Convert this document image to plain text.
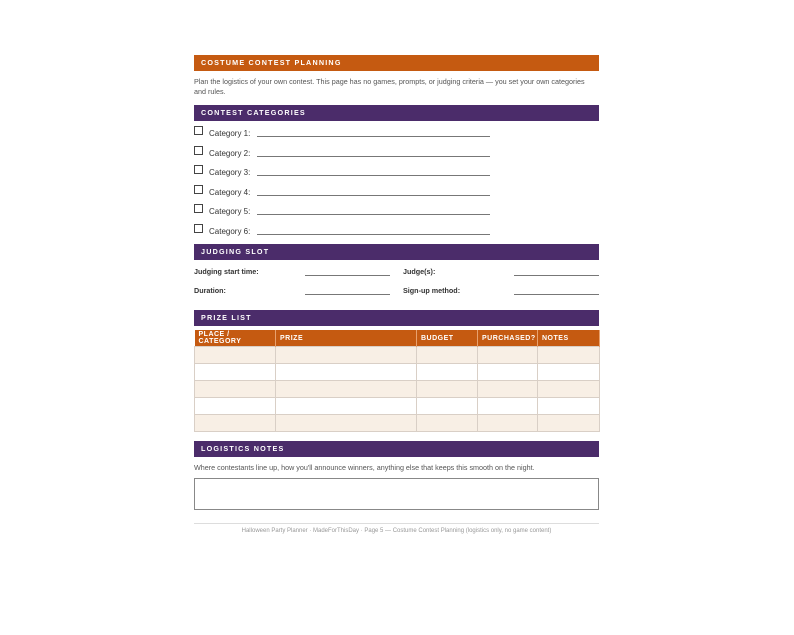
COSTUME CONTEST PLANNING
Plan the logistics of your own contest. This page has no games, prompts, or judging criteria — you set your own categories and rules.
CONTEST CATEGORIES
Category 1:
Category 2:
Category 3:
Category 4:
Category 5:
Category 6:
JUDGING SLOT
Judging start time:	Judge(s):
Duration:	Sign-up method:
PRIZE LIST
PLACE / CATEGORY	PRIZE	BUDGET	PURCHASED?	NOTES

LOGISTICS NOTES
Where contestants line up, how you'll announce winners, anything else that keeps this smooth on the night.
Halloween Party Planner · MadeForThisDay · Page 5 — Costume Contest Planning (logistics only, no game content)
